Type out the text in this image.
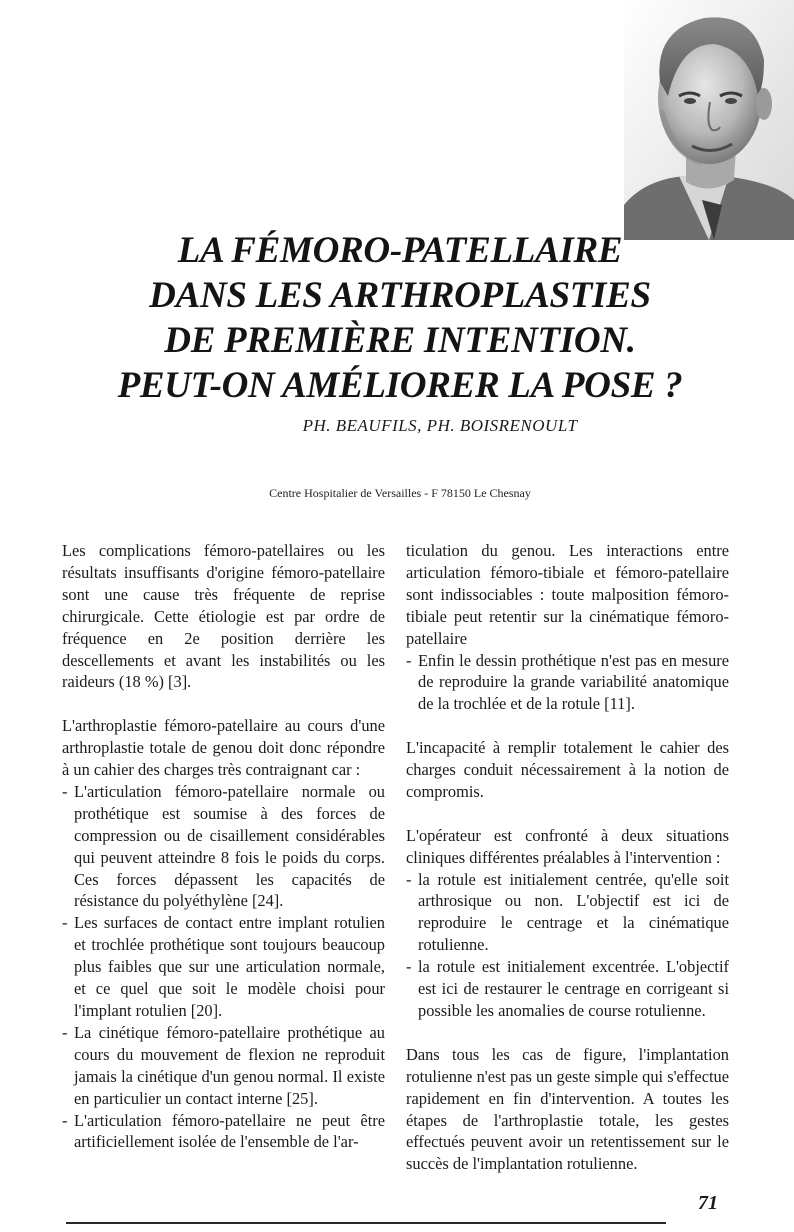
LA FÉMORO-PATELLAIRE
DANS LES ARTHROPLASTIES
DE PREMIÈRE INTENTION.
PEUT-ON AMÉLIORER LA POSE ?
PH. BEAUFILS, PH. BOISRENOULT
Centre Hospitalier de Versailles - F 78150 Le Chesnay

Les complications fémoro-patellaires ou les résultats insuffisants d'origine fémoro-patellaire sont une cause très fréquente de reprise chirurgicale. Cette étiologie est par ordre de fréquence en 2e position derrière les descellements et avant les instabilités ou les raideurs (18 %) [3].

L'arthroplastie fémoro-patellaire au cours d'une arthroplastie totale de genou doit donc répondre à un cahier des charges très contraignant car :

- L'articulation fémoro-patellaire normale ou prothétique est soumise à des forces de compression ou de cisaillement considérables qui peuvent atteindre 8 fois le poids du corps. Ces forces dépassent les capacités de résistance du polyéthylène [24].
- Les surfaces de contact entre implant rotulien et trochlée prothétique sont toujours beaucoup plus faibles que sur une articulation normale, et ce quel que soit le modèle choisi pour l'implant rotulien [20].
- La cinétique fémoro-patellaire prothétique au cours du mouvement de flexion ne reproduit jamais la cinétique d'un genou normal. Il existe en particulier un contact interne [25].
- L'articulation fémoro-patellaire ne peut être artificiellement isolée de l'ensemble de l'ar-

ticulation du genou. Les interactions entre articulation fémoro-tibiale et fémoro-patellaire sont indissociables : toute malposition fémoro-tibiale peut retentir sur la cinématique fémoro-patellaire

- Enfin le dessin prothétique n'est pas en mesure de reproduire la grande variabilité anatomique de la trochlée et de la rotule [11].

L'incapacité à remplir totalement le cahier des charges conduit nécessairement à la notion de compromis.

L'opérateur est confronté à deux situations cliniques différentes préalables à l'intervention :

- la rotule est initialement centrée, qu'elle soit arthrosique ou non. L'objectif est ici de reproduire le centrage et la cinématique rotulienne.
- la rotule est initialement excentrée. L'objectif est ici de restaurer le centrage en corrigeant si possible les anomalies de course rotulienne.

Dans tous les cas de figure, l'implantation rotulienne n'est pas un geste simple qui s'effectue rapidement en fin d'intervention. A toutes les étapes de l'arthroplastie totale, les gestes effectués peuvent avoir un retentissement sur le succès de l'implantation rotulienne.

71
